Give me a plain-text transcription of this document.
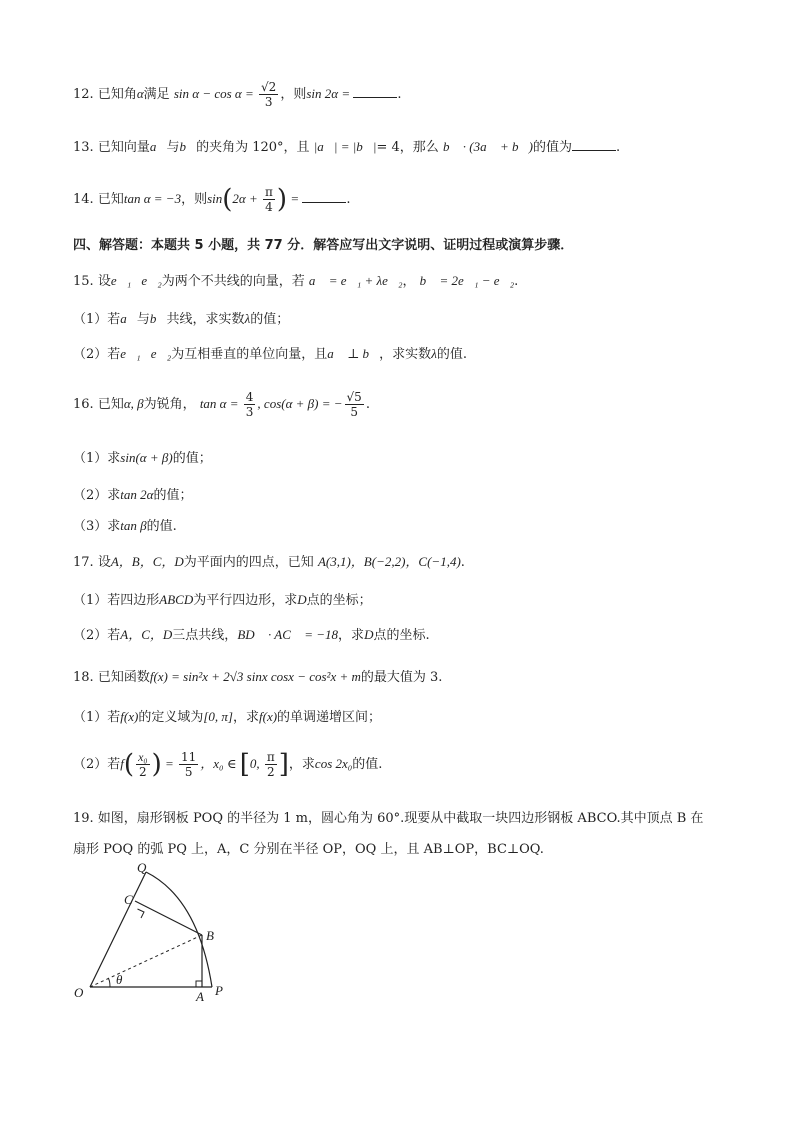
12. 已知角α满足 $\sin \alpha - \cos \alpha = \frac{√2}{3}$ ，则sin 2α =	.
13. 已知向量a⃗与b⃗的夹角为 120°，且 |a⃗| = |b⃗|= 4，那么 b⃗ · (3a⃗ + b⃗)的值为	.
14. 已知tan α = −3，则$\sin(2\alpha + \frac{\pi}{4}$ ) =	.
四、解答题：本题共 5 小题，共 77 分．解答应写出文字说明、证明过程或演算步骤．
15. 设e⃗₁，e⃗₂为两个不共线的向量，若 a⃗ = e⃗₁ + λe⃗₂， b⃗ = 2e⃗₁ − e⃗₂.
（1）若a⃗与b⃗共线，求实数λ的值；
（2）若e⃗₁，e⃗₂为互相垂直的单位向量，且a⃗ ⊥ b⃗，求实数λ的值.
16. 已知α, β为锐角， $\tan \alpha = \frac{4}{3}$ , cos(α + β) = − $\frac{√5}{5}$ .
（1）求sin(α + β)的值；
（2）求tan 2α的值；
（3）求tan β的值.
17. 设A，B，C，D为平面内的四点，已知 A(3,1)，B(−2,2)，C(−1,4).
（1）若四边形ABCD为平行四边形，求D点的坐标；
（2）若A，C，D三点共线，BD⃗ · AC⃗ = −18，求D点的坐标.
18. 已知函数f(x) = sin²x + 2√3 sinx cosx − cos²x + m的最大值为 3.
（1）若f(x)的定义域为[0, π]，求f(x)的单调递增区间；
（2）若$f( \frac{\text{x₀}}{2}$ ) = $\frac{11}{5}$ ，x₀ ∈ [0, $\frac{\pi}{2}$ ]，求cos 2x₀的值.
19. 如图，扇形钢板 POQ 的半径为 1 m，圆心角为 60°.现要从中截取一块四边形钢板 ABCO.其中顶点 B 在
扇形 POQ 的弧 PQ 上，A，C 分别在半径 OP，OQ 上，且 AB⊥OP，BC⊥OQ.
Q
C
B
O
θ
A P
